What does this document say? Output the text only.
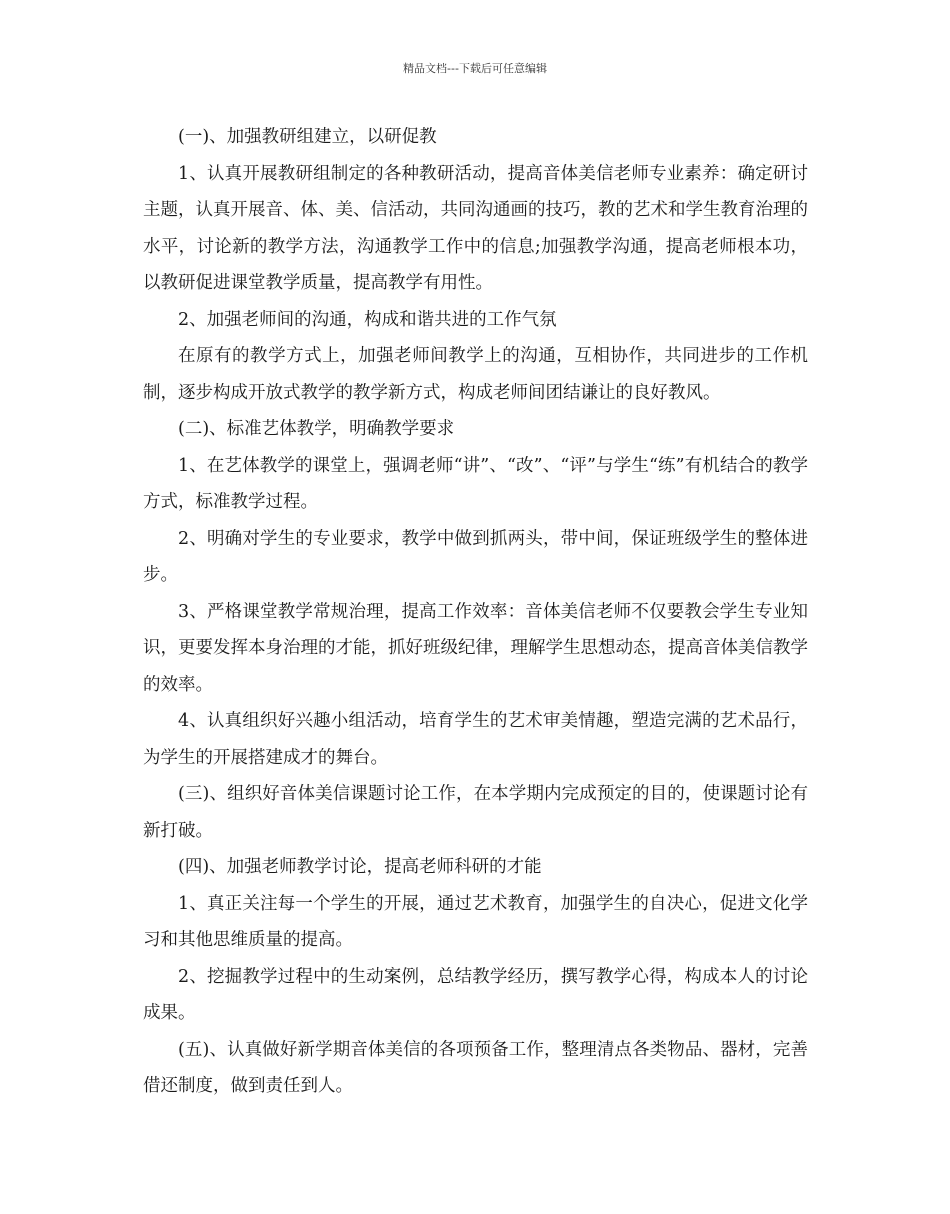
精品文档---下载后可任意编辑

(一)、加强教研组建立，以研促教

1、认真开展教研组制定的各种教研活动，提高音体美信老师专业素养：确定研讨主题，认真开展音、体、美、信活动，共同沟通画的技巧，教的艺术和学生教育治理的水平，讨论新的教学方法，沟通教学工作中的信息;加强教学沟通，提高老师根本功，以教研促进课堂教学质量，提高教学有用性。

2、加强老师间的沟通，构成和谐共进的工作气氛

在原有的教学方式上，加强老师间教学上的沟通，互相协作，共同进步的工作机制，逐步构成开放式教学的教学新方式，构成老师间团结谦让的良好教风。

(二)、标准艺体教学，明确教学要求

1、在艺体教学的课堂上，强调老师“讲”、“改”、“评”与学生“练”有机结合的教学方式，标准教学过程。

2、明确对学生的专业要求，教学中做到抓两头，带中间，保证班级学生的整体进步。

3、严格课堂教学常规治理，提高工作效率：音体美信老师不仅要教会学生专业知识，更要发挥本身治理的才能，抓好班级纪律，理解学生思想动态，提高音体美信教学的效率。

4、认真组织好兴趣小组活动，培育学生的艺术审美情趣，塑造完满的艺术品行，为学生的开展搭建成才的舞台。

(三)、组织好音体美信课题讨论工作，在本学期内完成预定的目的，使课题讨论有新打破。

(四)、加强老师教学讨论，提高老师科研的才能

1、真正关注每一个学生的开展，通过艺术教育，加强学生的自决心，促进文化学习和其他思维质量的提高。

2、挖掘教学过程中的生动案例，总结教学经历，撰写教学心得，构成本人的讨论成果。

(五)、认真做好新学期音体美信的各项预备工作，整理清点各类物品、器材，完善借还制度，做到责任到人。
